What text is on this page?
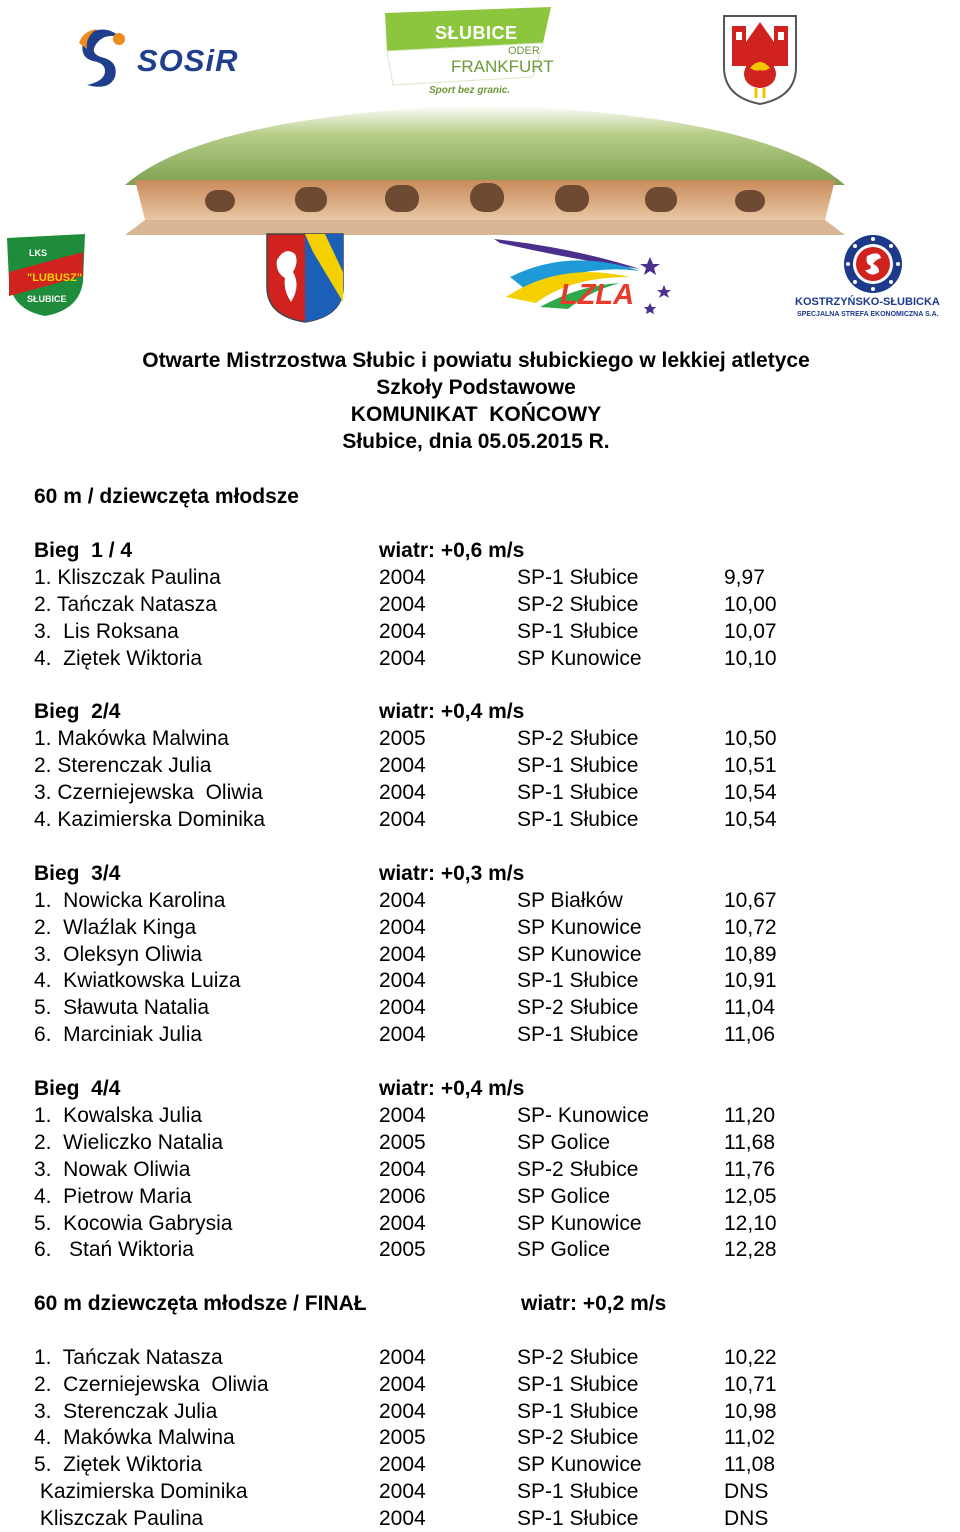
SOSiR
SŁUBICE
ODER
FRANKFURT
Sport bez granic.
LKS
"LUBUSZ"
SŁUBICE	LZLA	KOSTRZYŃSKO-SŁUBICKA
SPECJALNA STREFA EKONOMICZNA S.A.
Otwarte Mistrzostwa Słubic i powiatu słubickiego w lekkiej atletyce
Szkoły Podstawowe
KOMUNIKAT  KOŃCOWY
Słubice, dnia 05.05.2015 R.
60 m / dziewczęta młodsze
Bieg  1 / 4	wiatr: +0,6 m/s
1. Kliszczak Paulina	2004	SP-1 Słubice	9,97
2. Tańczak Natasza	2004	SP-2 Słubice	10,00
3.  Lis Roksana	2004	SP-1 Słubice	10,07
4.  Ziętek Wiktoria	2004	SP Kunowice	10,10
Bieg  2/4	wiatr: +0,4 m/s
1. Makówka Malwina	2005	SP-2 Słubice	10,50
2. Sterenczak Julia	2004	SP-1 Słubice	10,51
3. Czerniejewska  Oliwia	2004	SP-1 Słubice	10,54
4. Kazimierska Dominika	2004	SP-1 Słubice	10,54
Bieg  3/4	wiatr: +0,3 m/s
1.  Nowicka Karolina	2004	SP Białków	10,67
2.  Wlaźlak Kinga	2004	SP Kunowice	10,72
3.  Oleksyn Oliwia	2004	SP Kunowice	10,89
4.  Kwiatkowska Luiza	2004	SP-1 Słubice	10,91
5.  Sławuta Natalia	2004	SP-2 Słubice	11,04
6.  Marciniak Julia	2004	SP-1 Słubice	11,06
Bieg  4/4	wiatr: +0,4 m/s
1.  Kowalska Julia	2004	SP- Kunowice	11,20
2.  Wieliczko Natalia	2005	SP Golice	11,68
3.  Nowak Oliwia	2004	SP-2 Słubice	11,76
4.  Pietrow Maria	2006	SP Golice	12,05
5.  Kocowia Gabrysia	2004	SP Kunowice	12,10
6.   Stań Wiktoria	2005	SP Golice	12,28
60 m dziewczęta młodsze / FINAŁ	wiatr: +0,2 m/s
1.  Tańczak Natasza	2004	SP-2 Słubice	10,22
2.  Czerniejewska  Oliwia	2004	SP-1 Słubice	10,71
3.  Sterenczak Julia	2004	SP-1 Słubice	10,98
4.  Makówka Malwina	2005	SP-2 Słubice	11,02
5.  Ziętek Wiktoria	2004	SP Kunowice	11,08
Kazimierska Dominika	2004	SP-1 Słubice	DNS
Kliszczak Paulina	2004	SP-1 Słubice	DNS
